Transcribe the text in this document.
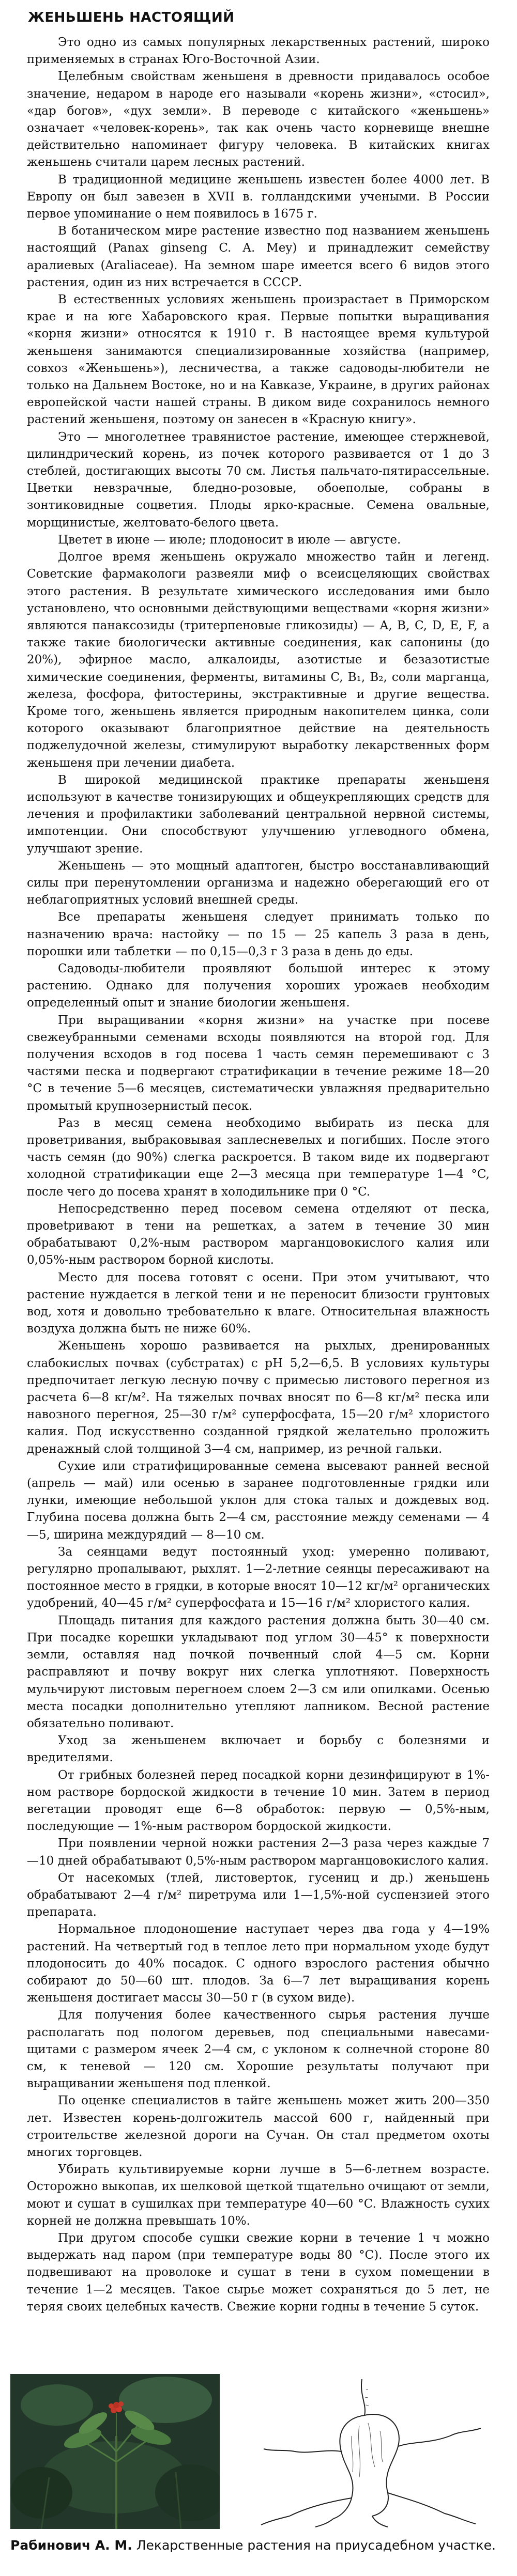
ЖЕНЬШЕНЬ НАСТОЯЩИЙ

Это одно из самых популярных лекарственных растений, широко применяемых в странах Юго-Восточной Азии.

Целебным свойствам женьшеня в древности придавалось особое значение, недаром в народе его называли «корень жизни», «стосил», «дар богов», «дух земли». В переводе с китайского «женьшень» означает «человек-корень», так как очень часто корневище внешне действительно напоминает фигуру человека. В китайских книгах женьшень считали царем лесных растений.

В традиционной медицине женьшень известен более 4000 лет. В Европу он был завезен в XVII в. голландскими учеными. В России первое упоминание о нем появилось в 1675 г.

В ботаническом мире растение известно под названием женьшень настоящий (Panax ginseng C. A. Mey) и принадлежит семейству аралиевых (Araliaceae). На земном шаре имеется всего 6 видов этого растения, один из них встречается в СССР.

В естественных условиях женьшень произрастает в Приморском крае и на юге Хабаровского края. Первые попытки выращивания «корня жизни» относятся к 1910 г. В настоящее время культурой женьшеня занимаются специализированные хозяйства (например, совхоз «Женьшень»), лесничества, а также садоводы-любители не только на Дальнем Востоке, но и на Кавказе, Украине, в других районах европейской части нашей страны. В диком виде сохранилось немного растений женьшеня, поэтому он занесен в «Красную книгу».

Это — многолетнее травянистое растение, имеющее стержневой, цилиндрический корень, из почек которого развивается от 1 до 3 стеблей, достигающих высоты 70 см. Листья пальчато-пятирассельные. Цветки невзрачные, бледно-розовые, обоеполые, собраны в зонтиковидные соцветия. Плоды ярко-красные. Семена овальные, морщинистые, желтовато-белого цвета.

Цветет в июне — июле; плодоносит в июле — августе.

Долгое время женьшень окружало множество тайн и легенд. Советские фармакологи развеяли миф о всеисцеляющих свойствах этого растения. В результате химического исследования ими было установлено, что основными действующими веществами «корня жизни» являются панаксозиды (тритерпеновые гликозиды) — A, B, C, D, E, F, а также такие биологически активные соединения, как сапонины (до 20%), эфирное масло, алкалоиды, азотистые и безазотистые химические соединения, ферменты, витамины C, B₁, B₂, соли марганца, железа, фосфора, фитостерины, экстрактивные и другие вещества. Кроме того, женьшень является природным накопителем цинка, соли которого оказывают благоприятное действие на деятельность поджелудочной железы, стимулируют выработку лекарственных форм женьшеня при лечении диабета.

В широкой медицинской практике препараты женьшеня используют в качестве тонизирующих и общеукрепляющих средств для лечения и профилактики заболеваний центральной нервной системы, импотенции. Они способствуют улучшению углеводного обмена, улучшают зрение.

Женьшень — это мощный адаптоген, быстро восстанавливающий силы при перенутомлении организма и надежно оберегающий его от неблагоприятных условий внешней среды.

Все препараты женьшеня следует принимать только по назначению врача: настойку — по 15 — 25 капель 3 раза в день, порошки или таблетки — по 0,15—0,3 г 3 раза в день до еды.

Садоводы-любители проявляют большой интерес к этому растению. Однако для получения хороших урожаев необходим определенный опыт и знание биологии женьшеня.

При выращивании «корня жизни» на участке при посеве свежеубранными семенами всходы появляются на второй год. Для получения всходов в год посева 1 часть семян перемешивают с 3 частями песка и подвергают стратификации в течение режиме 18—20 °C в течение 5—6 месяцев, систематически увлажняя предварительно промытый крупнозернистый песок.

Раз в месяц семена необходимо выбирать из песка для проветривания, выбраковывая заплесневелых и погибших. После этого часть семян (до 90%) слегка раскроется. В таком виде их подвергают холодной стратификации еще 2—3 месяца при температуре 1—4 °C, после чего до посева хранят в холодильнике при 0 °C.

Непосредственно перед посевом семена отделяют от песка, провеtривают в тени на решетках, а затем в течение 30 мин обрабатывают 0,2%-ным раствором марганцовокислого калия или 0,05%-ным раствором борной кислоты.

Место для посева готовят с осени. При этом учитывают, что растение нуждается в легкой тени и не переносит близости грунтовых вод, хотя и довольно требовательно к влаге. Относительная влажность воздуха должна быть не ниже 60%.

Женьшень хорошо развивается на рыхлых, дренированных слабокислых почвах (субстратах) с pH 5,2—6,5. В условиях культуры предпочитает легкую лесную почву с примесью листового перегноя из расчета 6—8 кг/м². На тяжелых почвах вносят по 6—8 кг/м² песка или навозного перегноя, 25—30 г/м² суперфосфата, 15—20 г/м² хлористого калия. Под искусственно созданной грядкой желательно проложить дренажный слой толщиной 3—4 см, например, из речной гальки.

Сухие или стратифицированные семена высевают ранней весной (апрель — май) или осенью в заранее подготовленные грядки или лунки, имеющие небольшой уклон для стока талых и дождевых вод. Глубина посева должна быть 2—4 см, расстояние между семенами — 4—5, ширина междурядий — 8—10 см.

За сеянцами ведут постоянный уход: умеренно поливают, регулярно пропалывают, рыхлят. 1—2-летние сеянцы пересаживают на постоянное место в грядки, в которые вносят 10—12 кг/м² органических удобрений, 40—45 г/м² суперфосфата и 15—16 г/м² хлористого калия.

Площадь питания для каждого растения должна быть 30—40 см. При посадке корешки укладывают под углом 30—45° к поверхности земли, оставляя над почкой почвенный слой 4—5 см. Корни расправляют и почву вокруг них слегка уплотняют. Поверхность мульчируют листовым перегноем слоем 2—3 см или опилками. Осенью места посадки дополнительно утепляют лапником. Весной растение обязательно поливают.

Уход за женьшенем включает и борьбу с болезнями и вредителями.

От грибных болезней перед посадкой корни дезинфицируют в 1%-ном растворе бордоской жидкости в течение 10 мин. Затем в период вегетации проводят еще 6—8 обработок: первую — 0,5%-ным, последующие — 1%-ным раствором бордоской жидкости.

При появлении черной ножки растения 2—3 раза через каждые 7—10 дней обрабатывают 0,5%-ным раствором марганцовокислого калия.

От насекомых (тлей, листоверток, гусениц и др.) женьшень обрабатывают 2—4 г/м² пиретрума или 1—1,5%-ной суспензией этого препарата.

Нормальное плодоношение наступает через два года у 4—19% растений. На четвертый год в теплое лето при нормальном уходе будут плодоносить до 40% посадок. С одного взрослого растения обычно собирают до 50—60 шт. плодов. За 6—7 лет выращивания корень женьшеня достигает массы 30—50 г (в сухом виде).

Для получения более качественного сырья растения лучше располагать под пологом деревьев, под специальными навесами-щитами с размером ячеек 2—4 см, с уклоном к солнечной стороне 80 см, к теневой — 120 см. Хорошие результаты получают при выращивании женьшеня под пленкой.

По оценке специалистов в тайге женьшень может жить 200—350 лет. Известен корень-долгожитель массой 600 г, найденный при строительстве железной дороги на Сучан. Он стал предметом охоты многих торговцев.

Убирать культивируемые корни лучше в 5—6-летнем возрасте. Осторожно выкопав, их шелковой щеткой тщательно очищают от земли, моют и сушат в сушилках при температуре 40—60 °C. Влажность сухих корней не должна превышать 10%.

При другом способе сушки свежие корни в течение 1 ч можно выдержать над паром (при температуре воды 80 °C). После этого их подвешивают на проволоке и сушат в тени в сухом помещении в течение 1—2 месяцев. Такое сырье может сохраняться до 5 лет, не теряя своих целебных качеств. Свежие корни годны в течение 5 суток.

Рабинович А. М. Лекарственные растения на приусадебном участке.
